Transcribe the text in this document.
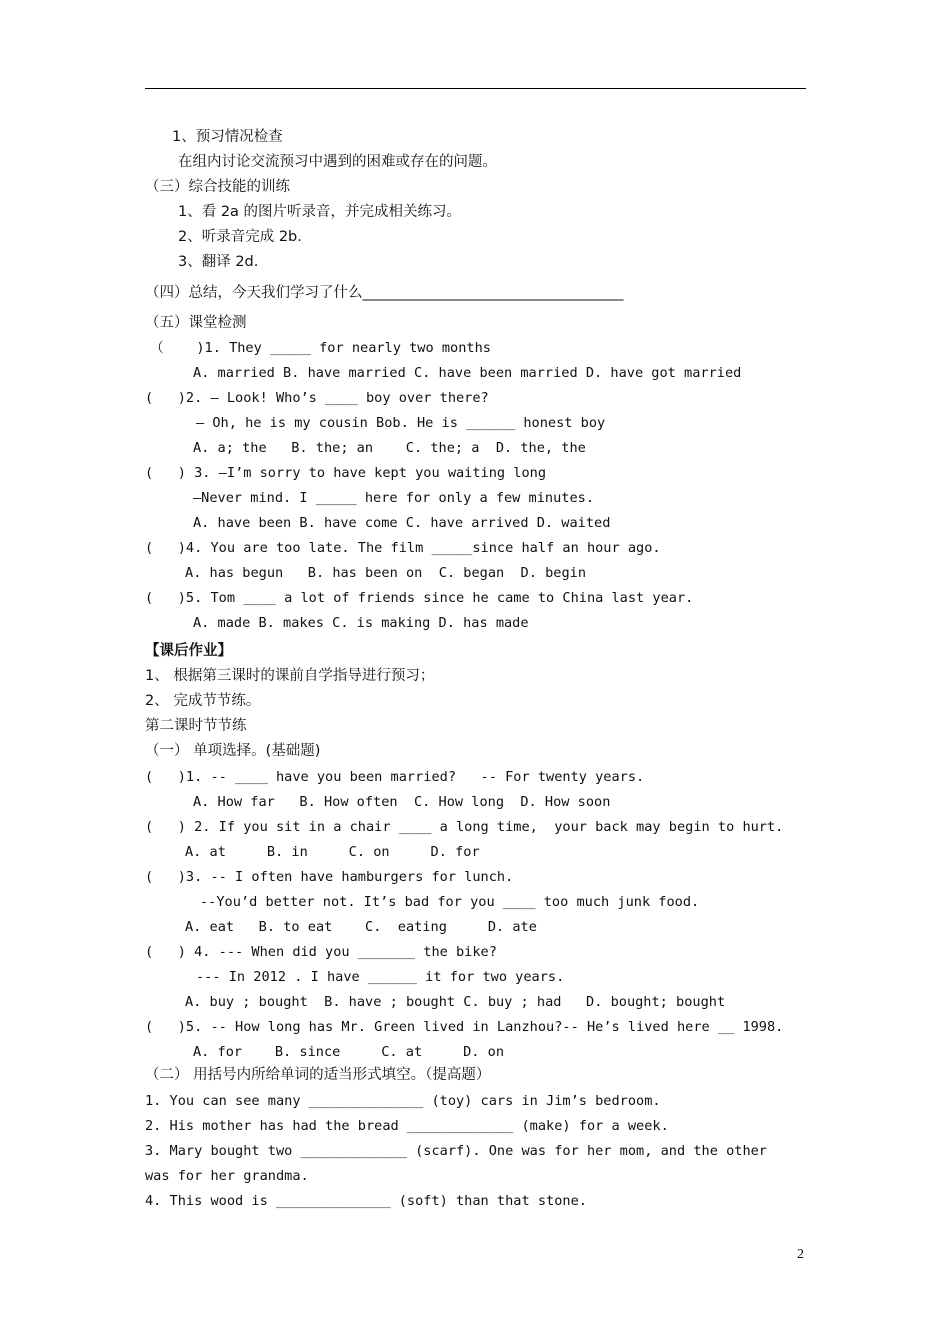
1、预习情况检查
在组内讨论交流预习中遇到的困难或存在的问题。
（三）综合技能的训练
1、看 2a 的图片听录音，并完成相关练习。
2、听录音完成 2b.
3、翻译 2d.
（四）总结，今天我们学习了什么____________________________________
（五）课堂检测
（    )1. They _____ for nearly two months
A. married B. have married C. have been married D. have got married
(   )2. — Look! Who’s ____ boy over there?
— Oh, he is my cousin Bob. He is ______ honest boy
A. a; the   B. the; an    C. the; a  D. the, the
(   ) 3. —I’m sorry to have kept you waiting long
—Never mind. I _____ here for only a few minutes.
A. have been B. have come C. have arrived D. waited
(   )4. You are too late. The film _____since half an hour ago.
A. has begun   B. has been on  C. began  D. begin
(   )5. Tom ____ a lot of friends since he came to China last year.
A. made B. makes C. is making D. has made
【课后作业】
1、 根据第三课时的课前自学指导进行预习；
2、 完成节节练。
第二课时节节练
（一） 单项选择。(基础题)
(   )1. -- ____ have you been married?   -- For twenty years.
A. How far   B. How often  C. How long  D. How soon
(   ) 2. If you sit in a chair ____ a long time,  your back may begin to hurt.
A. at     B. in     C. on     D. for
(   )3. -- I often have hamburgers for lunch.
--You’d better not. It’s bad for you ____ too much junk food.
A. eat   B. to eat    C.  eating     D. ate
(   ) 4. --- When did you _______ the bike?
--- In 2012 . I have ______ it for two years.
A. buy ; bought  B. have ; bought C. buy ; had   D. bought; bought
(   )5. -- How long has Mr. Green lived in Lanzhou?-- He’s lived here __ 1998.
A. for    B. since     C. at     D. on
（二） 用括号内所给单词的适当形式填空。（提高题）
1. You can see many ______________ (toy) cars in Jim’s bedroom.
2. His mother has had the bread _____________ (make) for a week.
3. Mary bought two _____________ (scarf). One was for her mom, and the other
was for her grandma.
4. This wood is ______________ (soft) than that stone.
2
